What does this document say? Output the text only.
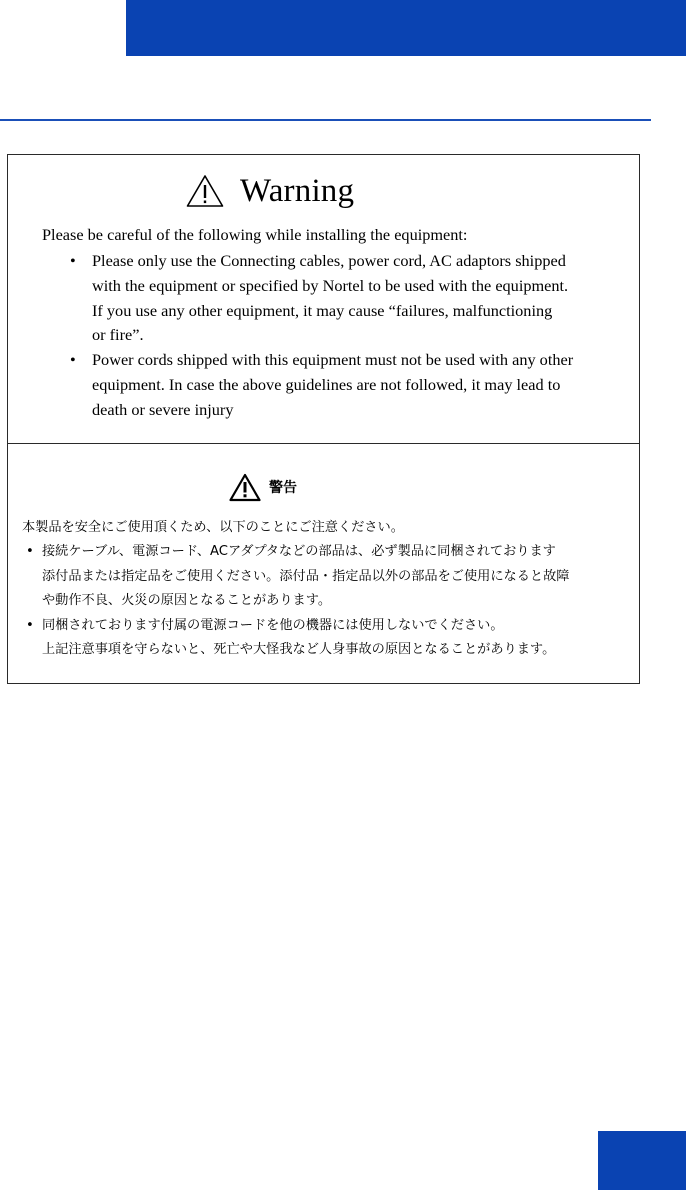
Warning
Please be careful of the following while installing the equipment:
• Please only use the Connecting cables, power cord, AC adaptors shipped
with the equipment or specified by Nortel to be used with the equipment.
If you use any other equipment, it may cause “failures, malfunctioning
or fire”.
• Power cords shipped with this equipment must not be used with any other
equipment. In case the above guidelines are not followed, it may lead to
death or severe injury
警告
本製品を安全にご使用頂くため、以下のことにご注意ください。
• 接続ケーブル、電源コード、ACアダプタなどの部品は、必ず製品に同梱されております
添付品または指定品をご使用ください。添付品・指定品以外の部品をご使用になると故障
や動作不良、火災の原因となることがあります。
• 同梱されております付属の電源コードを他の機器には使用しないでください。
上記注意事項を守らないと、死亡や大怪我など人身事故の原因となることがあります。
